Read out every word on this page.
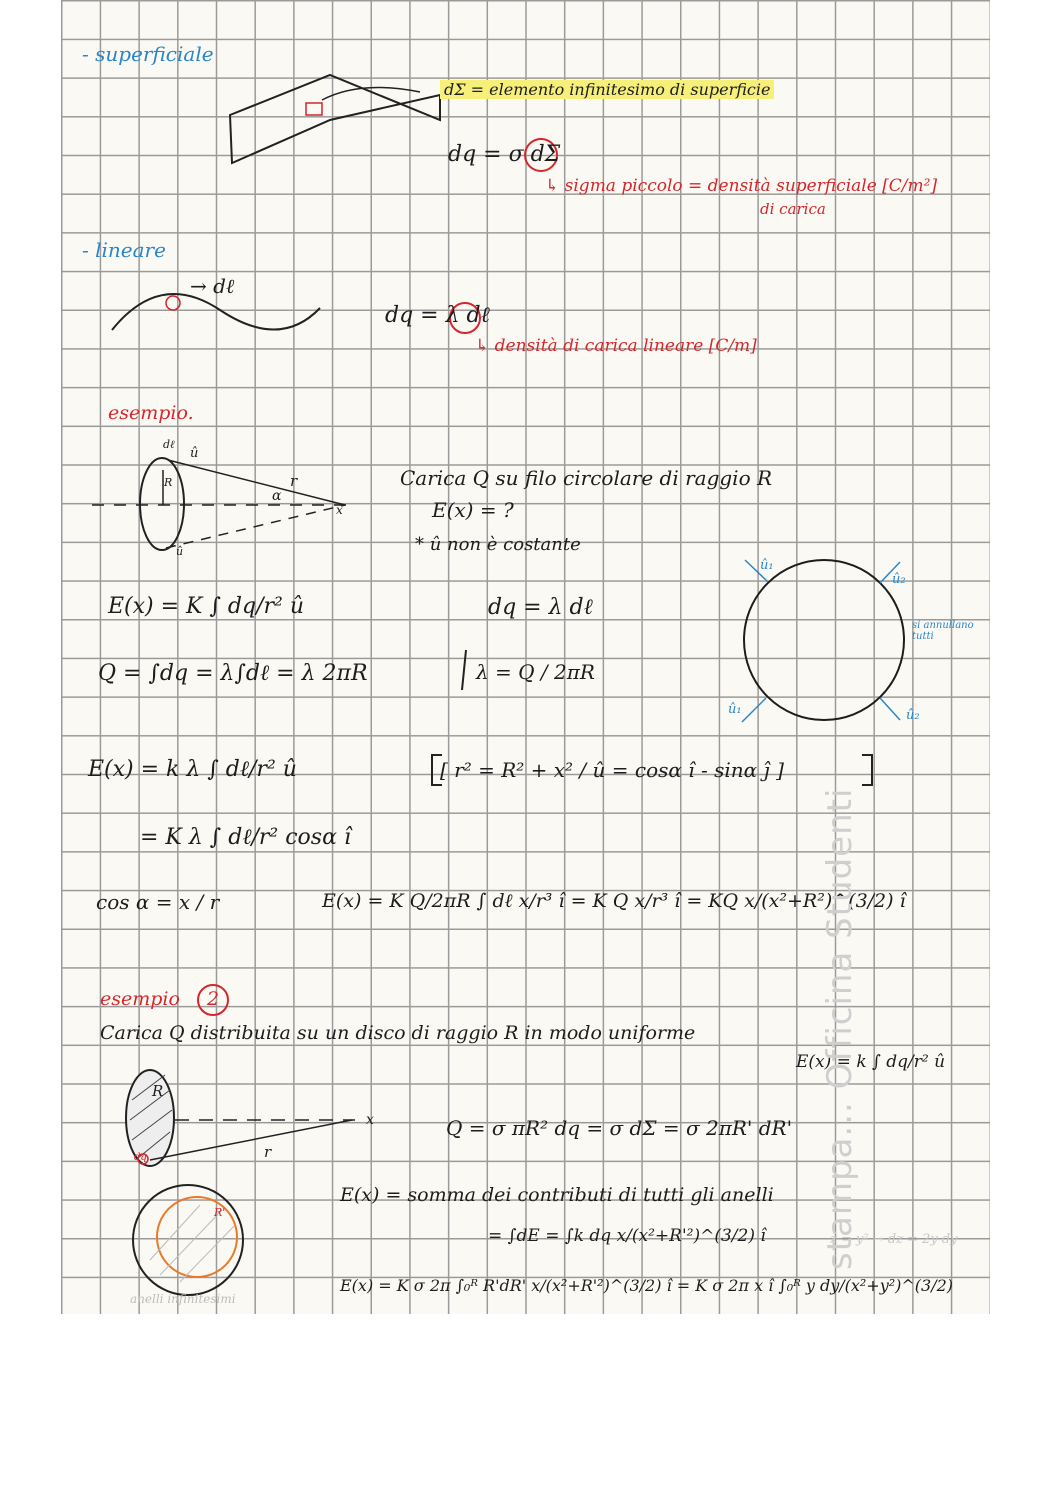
- superficiale
dΣ = elemento infinitesimo di superficie
dq = σ dΣ
↳ sigma piccolo = densità superficiale [C/m²]
di carica
- lineare
→ dℓ
dq = λ dℓ
↳ densità di carica lineare [C/m]
esempio.
dℓ
û
r
R
α
x
û
Carica Q su filo circolare di raggio R
E(x) = ?
* û non è costante
E(x) = K ∫ dq/r² û	dq = λ dℓ
Q = ∫dq = λ∫dℓ = λ 2πR	λ = Q / 2πR
û₁
û₂
û₁	û₂
si annullano tutti
E(x) = k λ ∫ dℓ/r² û	[ r² = R² + x² / û = cosα î - sinα ĵ ]
= K λ ∫ dℓ/r² cosα î
cos α = x / r	E(x) = K Q/2πR ∫ dℓ x/r³ î = K Q x/r³ î = KQ x/(x²+R²)^(3/2) î
esempio 2
Carica Q distribuita su un disco di raggio R in modo uniforme
E(x) = k ∫ dq/r² û
R
x
r
dq
R'
Q = σ πR² dq = σ dΣ = σ 2πR' dR'
E(x) = somma dei contributi di tutti gli anelli
= ∫dE = ∫k dq x/(x²+R'²)^(3/2) î	z = y² → dz = 2y dy
E(x) = K σ 2π ∫₀ᴿ R'dR' x/(x²+R'²)^(3/2) î = K σ 2π x î ∫₀ᴿ y dy/(x²+y²)^(3/2)
anelli infinitesimi
stampa... Officina Studenti
